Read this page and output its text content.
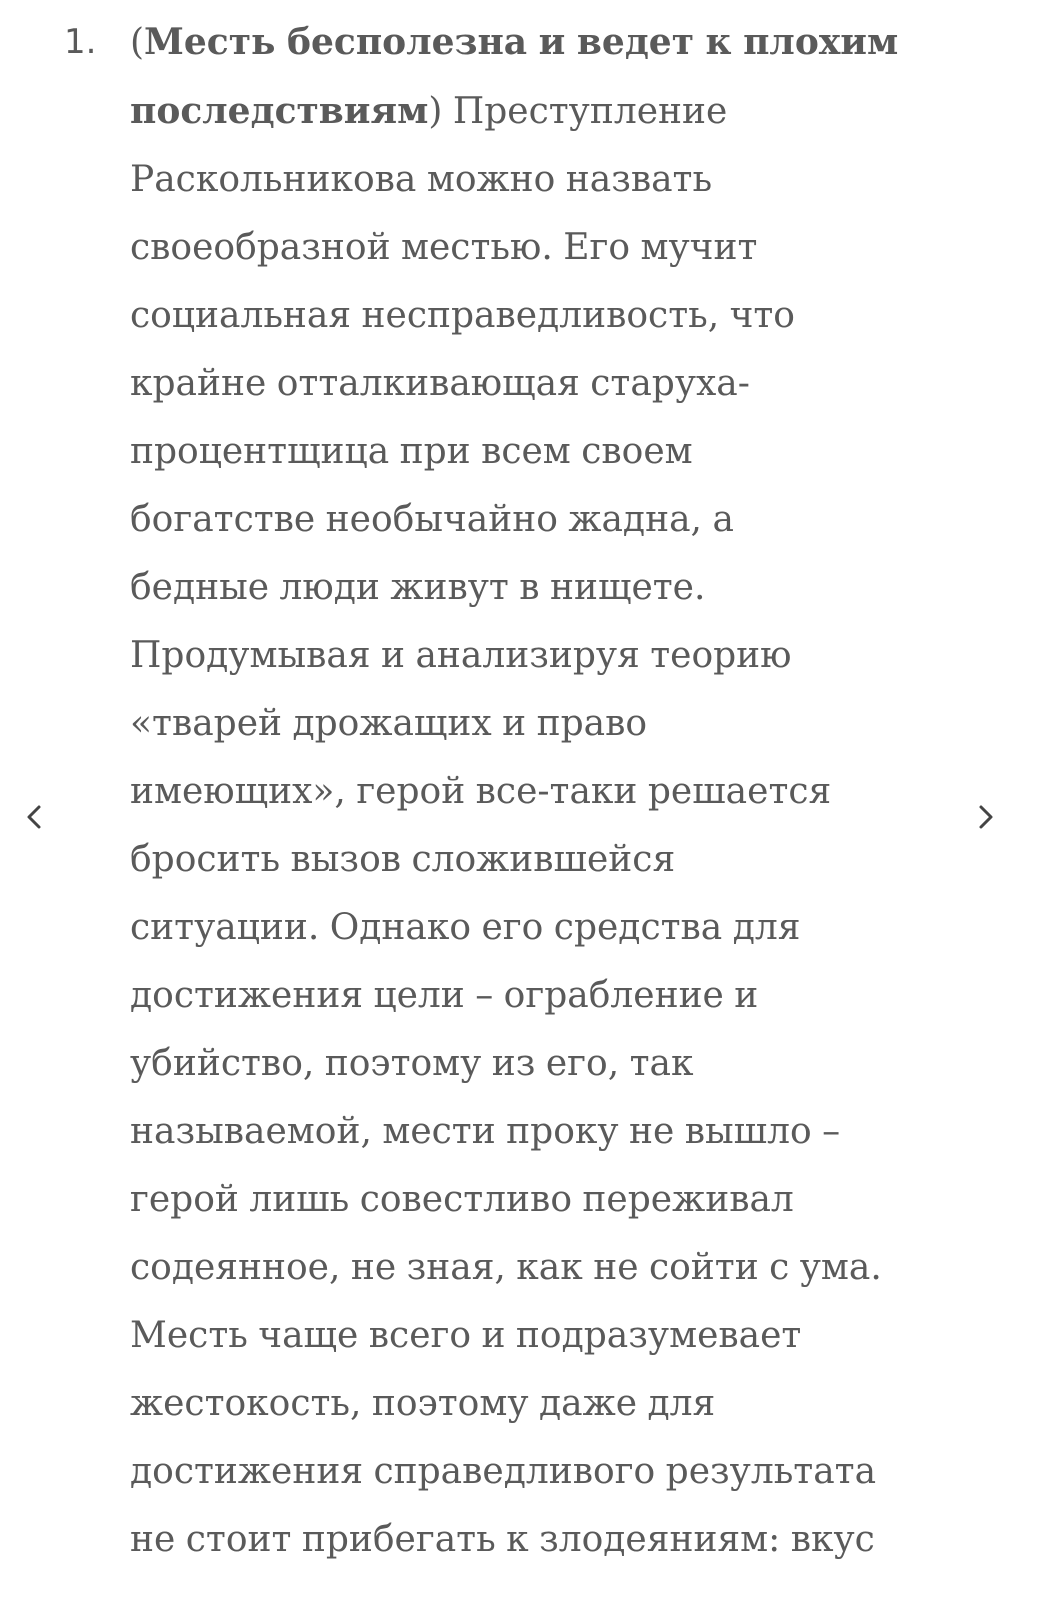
1. (Месть бесполезна и ведет к плохим
последствиям) Преступление
Раскольникова можно назвать
своеобразной местью. Его мучит
социальная несправедливость, что
крайне отталкивающая старуха-
процентщица при всем своем
богатстве необычайно жадна, а
бедные люди живут в нищете.
Продумывая и анализируя теорию
«тварей дрожащих и право
имеющих», герой все-таки решается
бросить вызов сложившейся
ситуации. Однако его средства для
достижения цели – ограбление и
убийство, поэтому из его, так
называемой, мести проку не вышло –
герой лишь совестливо переживал
содеянное, не зная, как не сойти с ума.
Месть чаще всего и подразумевает
жестокость, поэтому даже для
достижения справедливого результата
не стоит прибегать к злодеяниям: вкус
